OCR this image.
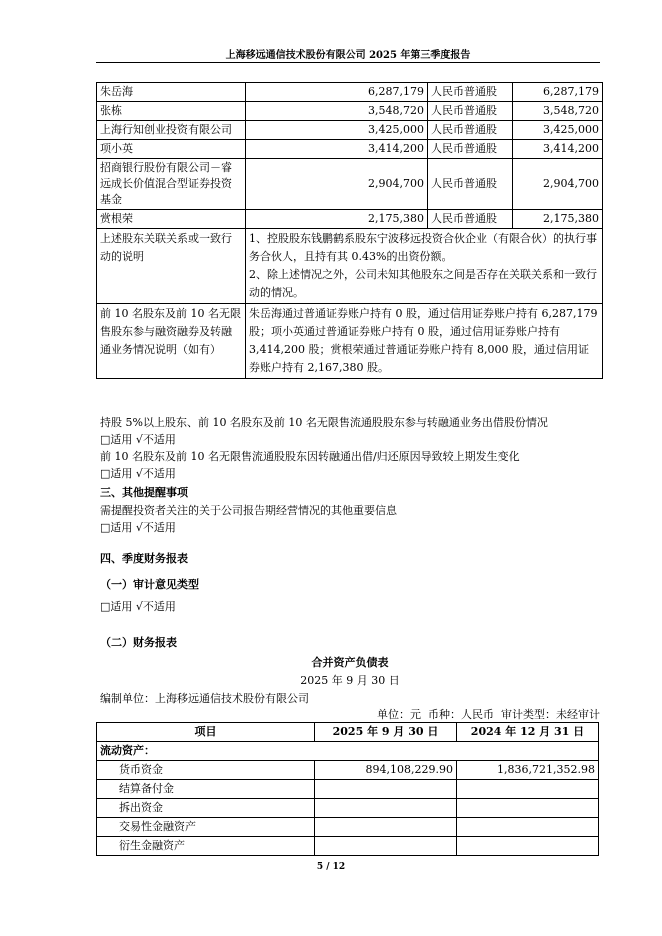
上海移远通信技术股份有限公司 2025 年第三季度报告
朱岳海	6,287,179	人民币普通股	6,287,179
张栋	3,548,720	人民币普通股	3,548,720
上海行知创业投资有限公司	3,425,000	人民币普通股	3,425,000
项小英	3,414,200	人民币普通股	3,414,200
招商银行股份有限公司－睿远成长价值混合型证券投资基金	2,904,700	人民币普通股	2,904,700
赏根荣	2,175,380	人民币普通股	2,175,380
上述股东关联关系或一致行动的说明	1、控股股东钱鹏鹤系股东宁波移远投资合伙企业（有限合伙）的执行事务合伙人，且持有其 0.43%的出资份额。
2、除上述情况之外，公司未知其他股东之间是否存在关联关系和一致行动的情况。		

前 10 名股东及前 10 名无限售股东参与融资融券及转融通业务情况说明（如有）	朱岳海通过普通证券账户持有 0 股，通过信用证券账户持有 6,287,179 股；项小英通过普通证券账户持有 0 股，通过信用证券账户持有 3,414,200 股；赏根荣通过普通证券账户持有 8,000 股，通过信用证券账户持有 2,167,380 股。		
持股 5%以上股东、前 10 名股东及前 10 名无限售流通股股东参与转融通业务出借股份情况
□适用 √不适用
前 10 名股东及前 10 名无限售流通股股东因转融通出借/归还原因导致较上期发生变化
□适用 √不适用
三、其他提醒事项
需提醒投资者关注的关于公司报告期经营情况的其他重要信息
□适用 √不适用
四、季度财务报表
（一）审计意见类型
□适用 √不适用
（二）财务报表
合并资产负债表
2025 年 9 月 30 日
编制单位：上海移远通信技术股份有限公司
单位：元  币种：人民币  审计类型：未经审计
项目	2025 年 9 月 30 日	2024 年 12 月 31 日
流动资产：		
货币资金	894,108,229.90	1,836,721,352.98
结算备付金		
拆出资金		
交易性金融资产		
衍生金融资产		
5 / 12
